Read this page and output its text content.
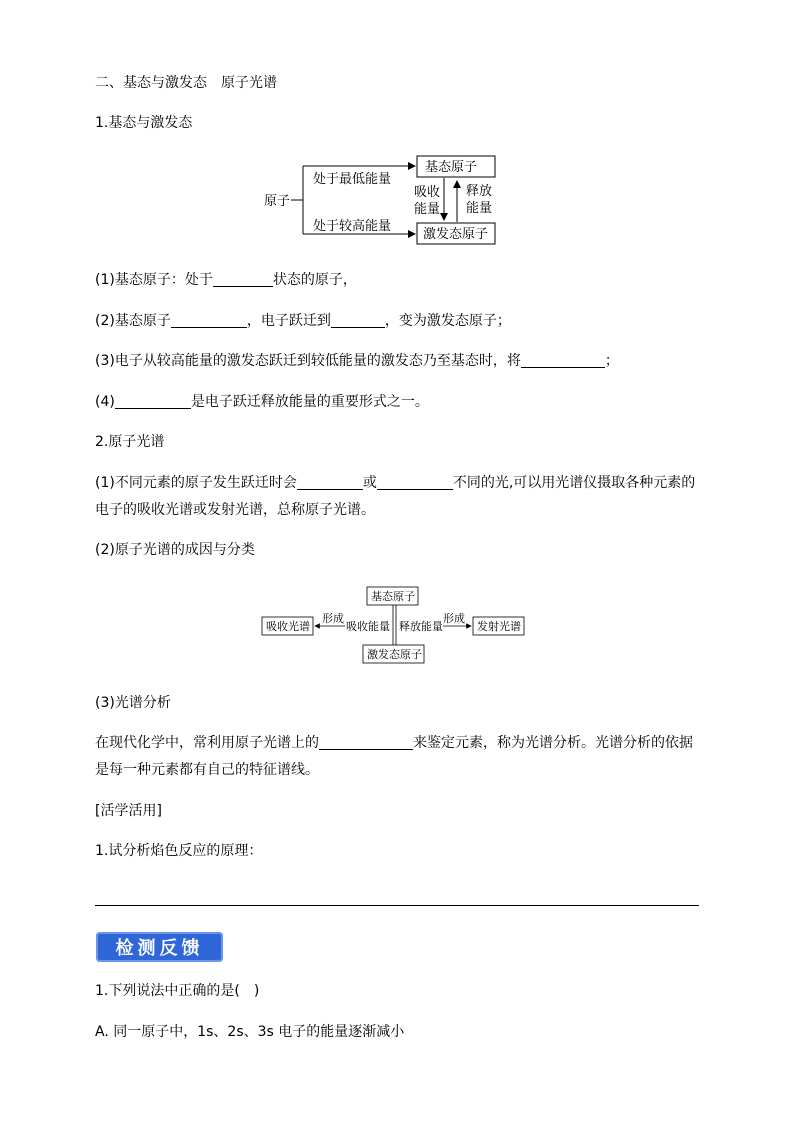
二、基态与激发态　原子光谱
1.基态与激发态
原子
处于最低能量
处于较高能量
基态原子
激发态原子
吸收
能量
释放
能量
(1)基态原子：处于	状态的原子，
(2)基态原子	，电子跃迁到	，变为激发态原子；
(3)电子从较高能量的激发态跃迁到较低能量的激发态乃至基态时，将	；
(4)	是电子跃迁释放能量的重要形式之一。
2.原子光谱
(1)不同元素的原子发生跃迁时会	或	不同的光,可以用光谱仪摄取各种元素的
电子的吸收光谱或发射光谱，总称原子光谱。
(2)原子光谱的成因与分类
基态原子
激发态原子
吸收光谱	发射光谱
吸收能量 释放能量
形成	形成
(3)光谱分析
在现代化学中，常利用原子光谱上的	来鉴定元素，称为光谱分析。光谱分析的依据
是每一种元素都有自己的特征谱线。
[活学活用]
1.试分析焰色反应的原理：
检测反馈
1.下列说法中正确的是(　)
A. 同一原子中，1s、2s、3s 电子的能量逐渐减小
